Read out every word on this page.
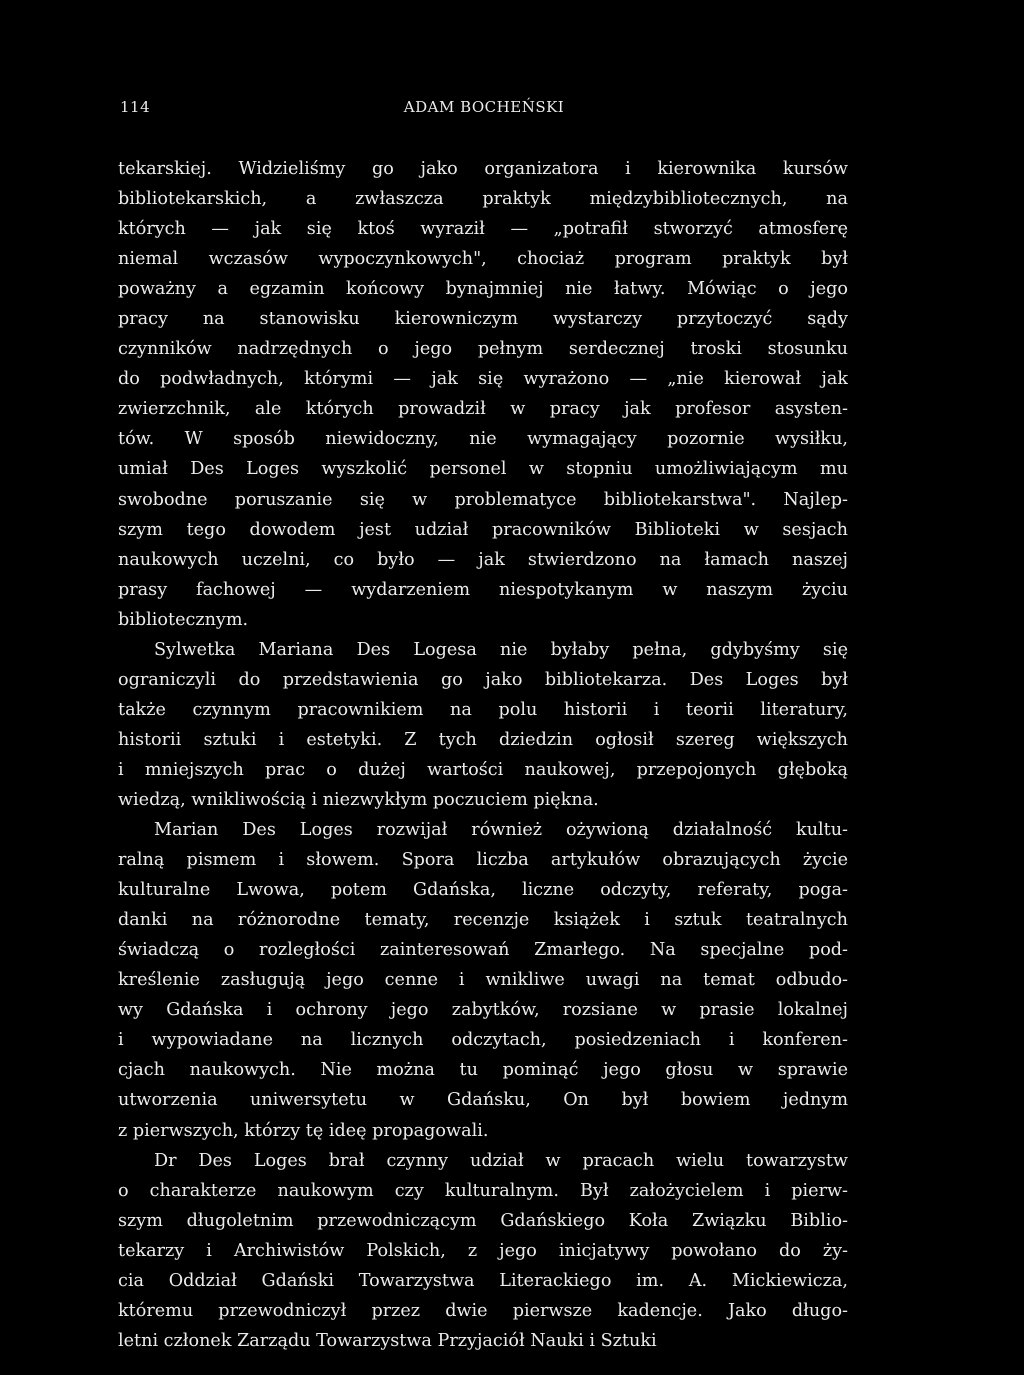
114	ADAM BOCHEŃSKI
tekarskiej. Widzieliśmy go jako organizatora i kierownika kursów
bibliotekarskich, a zwłaszcza praktyk międzybibliotecznych, na
których — jak się ktoś wyraził — „potrafił stworzyć atmosferę
niemal wczasów wypoczynkowych", chociaż program praktyk był
poważny a egzamin końcowy bynajmniej nie łatwy. Mówiąc o jego
pracy na stanowisku kierowniczym wystarczy przytoczyć sądy
czynników nadrzędnych o jego pełnym serdecznej troski stosunku
do podwładnych, którymi — jak się wyrażono — „nie kierował jak
zwierzchnik, ale których prowadził w pracy jak profesor asysten-
tów. W sposób niewidoczny, nie wymagający pozornie wysiłku,
umiał Des Loges wyszkolić personel w stopniu umożliwiającym mu
swobodne poruszanie się w problematyce bibliotekarstwa". Najlep-
szym tego dowodem jest udział pracowników Biblioteki w sesjach
naukowych uczelni, co było — jak stwierdzono na łamach naszej
prasy fachowej — wydarzeniem niespotykanym w naszym życiu
bibliotecznym.
Sylwetka Mariana Des Logesa nie byłaby pełna, gdybyśmy się
ograniczyli do przedstawienia go jako bibliotekarza. Des Loges był
także czynnym pracownikiem na polu historii i teorii literatury,
historii sztuki i estetyki. Z tych dziedzin ogłosił szereg większych
i mniejszych prac o dużej wartości naukowej, przepojonych głęboką
wiedzą, wnikliwością i niezwykłym poczuciem piękna.
Marian Des Loges rozwijał również ożywioną działalność kultu-
ralną pismem i słowem. Spora liczba artykułów obrazujących życie
kulturalne Lwowa, potem Gdańska, liczne odczyty, referaty, poga-
danki na różnorodne tematy, recenzje książek i sztuk teatralnych
świadczą o rozległości zainteresowań Zmarłego. Na specjalne pod-
kreślenie zasługują jego cenne i wnikliwe uwagi na temat odbudo-
wy Gdańska i ochrony jego zabytków, rozsiane w prasie lokalnej
i wypowiadane na licznych odczytach, posiedzeniach i konferen-
cjach naukowych. Nie można tu pominąć jego głosu w sprawie
utworzenia uniwersytetu w Gdańsku, On był bowiem jednym
z pierwszych, którzy tę ideę propagowali.
Dr Des Loges brał czynny udział w pracach wielu towarzystw
o charakterze naukowym czy kulturalnym. Był założycielem i pierw-
szym długoletnim przewodniczącym Gdańskiego Koła Związku Biblio-
tekarzy i Archiwistów Polskich, z jego inicjatywy powołano do ży-
cia Oddział Gdański Towarzystwa Literackiego im. A. Mickiewicza,
któremu przewodniczył przez dwie pierwsze kadencje. Jako długo-
letni członek Zarządu Towarzystwa Przyjaciół Nauki i Sztuki
